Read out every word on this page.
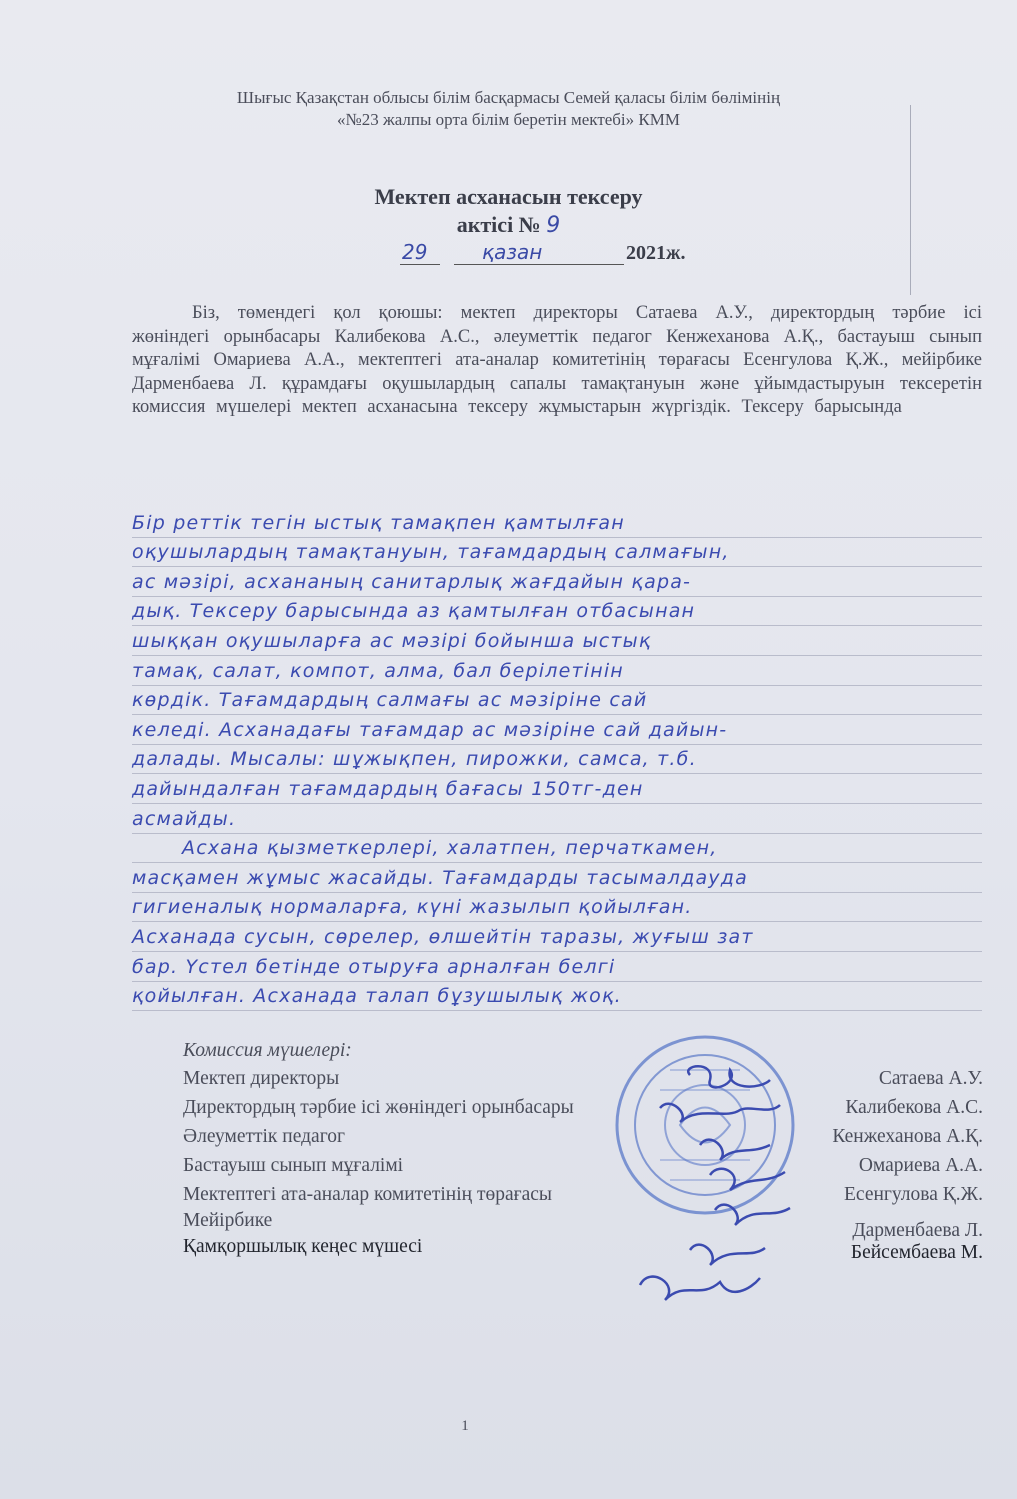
Шығыс Қазақстан облысы білім басқармасы Семей қаласы білім бөлімінің
«№23 жалпы орта білім беретін мектебі» КММ
Мектеп асханасын тексеру
актісі № 9
29	қазан	2021ж.
Біз, төмендегі қол қоюшы: мектеп директоры Сатаева А.У., директордың тәрбие ісі жөніндегі орынбасары Калибекова А.С., әлеуметтік педагог Кенжеханова А.Қ., бастауыш сынып мұғалімі Омариева А.А., мектептегі ата-аналар комитетінің төрағасы Есенгулова Қ.Ж., мейірбике Дарменбаева Л. құрамдағы оқушылардың сапалы тамақтануын және ұйымдастыруын тексеретін комиссия мүшелері мектеп асханасына тексеру жұмыстарын жүргіздік. Тексеру барысында
Бір реттік тегін ыстық тамақпен қамтылған
оқушылардың тамақтануын, тағамдардың салмағын,
ас мәзірі, асхананың санитарлық жағдайын қара-
дық. Тексеру барысында аз қамтылған отбасынан
шыққан оқушыларға ас мәзірі бойынша ыстық
тамақ, салат, компот, алма, бал берілетінін
көрдік. Тағамдардың салмағы ас мәзіріне сай
келеді. Асханадағы тағамдар ас мәзіріне сай дайын-
далады. Мысалы: шұжықпен, пирожки, самса, т.б.
дайындалған тағамдардың бағасы 150тг-ден
асмайды.
Асхана қызметкерлері, халатпен, перчаткамен,
масқамен жұмыс жасайды. Тағамдарды тасымалдауда
гигиеналық нормаларға, күні жазылып қойылған.
Асханада сусын, сөрелер, өлшейтін таразы, жуғыш зат
бар. Үстел бетінде отыруға арналған белгі
қойылған. Асханада талап бұзушылық жоқ.
Комиссия мүшелері:
Мектеп директоры	Сатаева А.У.
Директордың тәрбие ісі жөніндегі орынбасары	Калибекова А.С.
Әлеуметтік педагог	Кенжеханова А.Қ.
Бастауыш сынып мұғалімі	Омариева А.А.
Мектептегі ата-аналар комитетінің төрағасы	Есенгулова Қ.Ж.
Мейірбике	Дарменбаева Л.
Қамқоршылық кеңес мүшесі	Бейсембаева М.
1
